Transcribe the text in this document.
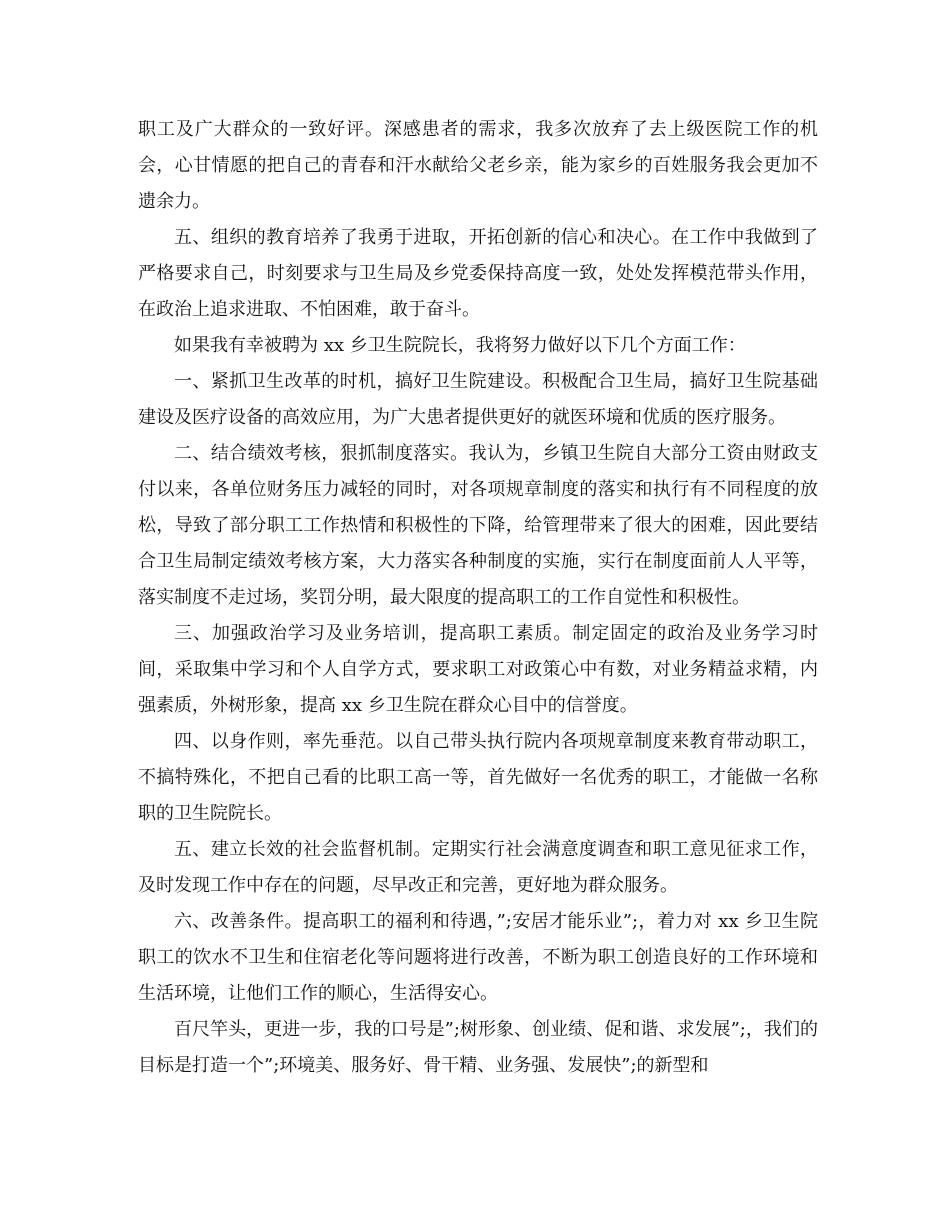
职工及广大群众的一致好评。深感患者的需求，我多次放弃了去上级医院工作的机会，心甘情愿的把自己的青春和汗水献给父老乡亲，能为家乡的百姓服务我会更加不遗余力。

五、组织的教育培养了我勇于进取，开拓创新的信心和决心。在工作中我做到了严格要求自己，时刻要求与卫生局及乡党委保持高度一致，处处发挥模范带头作用，在政治上追求进取、不怕困难，敢于奋斗。

如果我有幸被聘为 xx 乡卫生院院长，我将努力做好以下几个方面工作：

一、紧抓卫生改革的时机，搞好卫生院建设。积极配合卫生局，搞好卫生院基础建设及医疗设备的高效应用，为广大患者提供更好的就医环境和优质的医疗服务。

二、结合绩效考核，狠抓制度落实。我认为，乡镇卫生院自大部分工资由财政支付以来，各单位财务压力减轻的同时，对各项规章制度的落实和执行有不同程度的放松，导致了部分职工工作热情和积极性的下降，给管理带来了很大的困难，因此要结合卫生局制定绩效考核方案，大力落实各种制度的实施，实行在制度面前人人平等，落实制度不走过场，奖罚分明，最大限度的提高职工的工作自觉性和积极性。

三、加强政治学习及业务培训，提高职工素质。制定固定的政治及业务学习时间，采取集中学习和个人自学方式，要求职工对政策心中有数，对业务精益求精，内强素质，外树形象，提高 xx 乡卫生院在群众心目中的信誉度。

四、以身作则，率先垂范。以自己带头执行院内各项规章制度来教育带动职工，不搞特殊化，不把自己看的比职工高一等，首先做好一名优秀的职工，才能做一名称职的卫生院院长。

五、建立长效的社会监督机制。定期实行社会满意度调查和职工意见征求工作，及时发现工作中存在的问题，尽早改正和完善，更好地为群众服务。

六、改善条件。提高职工的福利和待遇，”;安居才能乐业”;，着力对 xx 乡卫生院职工的饮水不卫生和住宿老化等问题将进行改善，不断为职工创造良好的工作环境和生活环境，让他们工作的顺心，生活得安心。

百尺竿头，更进一步，我的口号是”;树形象、创业绩、促和谐、求发展”;，我们的目标是打造一个”;环境美、服务好、骨干精、业务强、发展快”;的新型和
